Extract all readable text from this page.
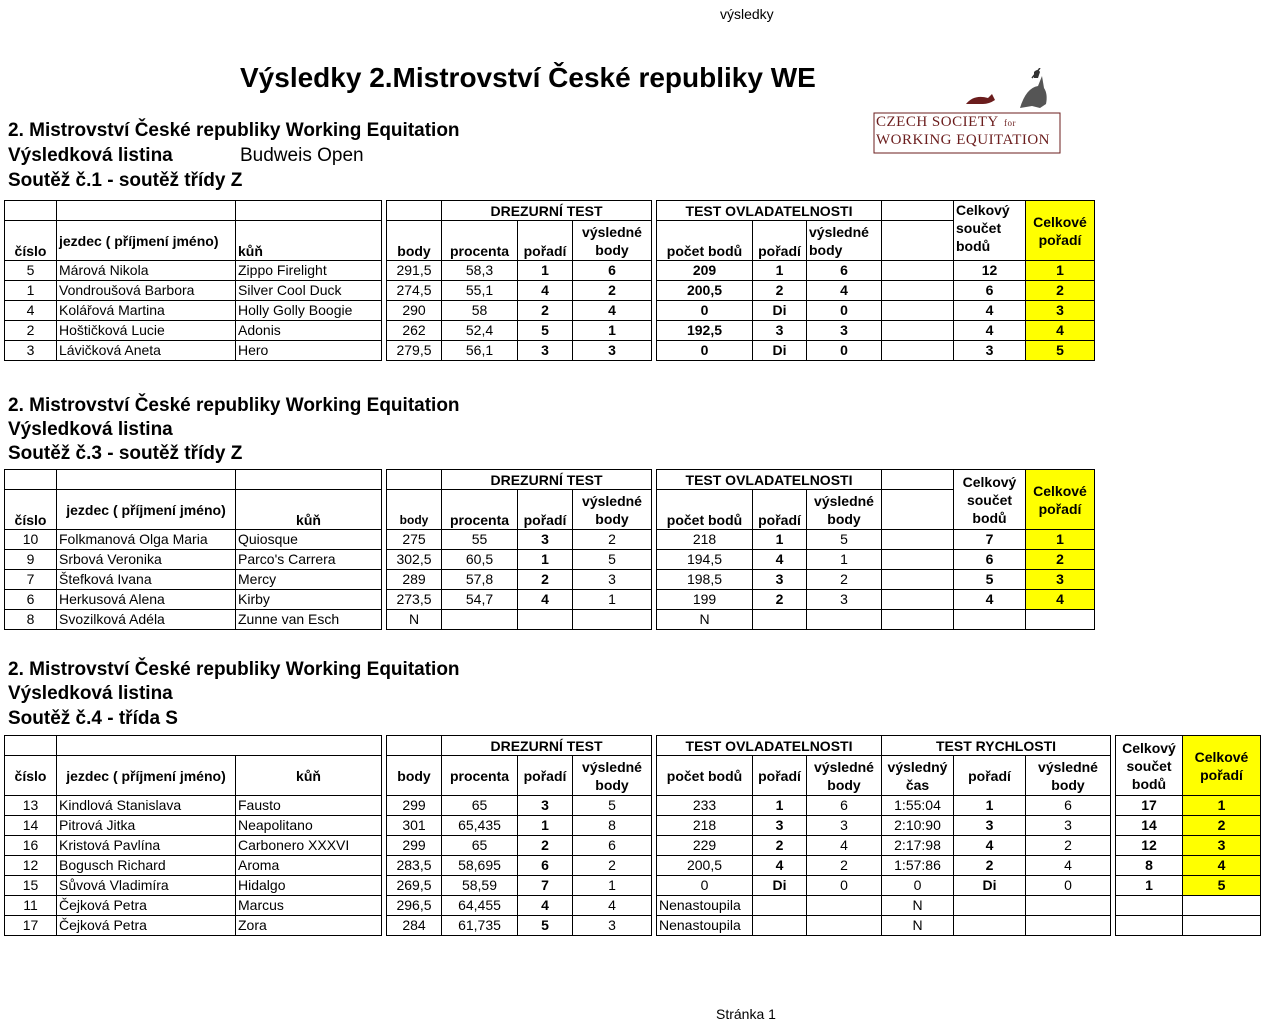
výsledky
Výsledky 2.Mistrovství České republiky WE
CZECH SOCIETY for
WORKING EQUITATION
2. Mistrovství České republiky Working Equitation
Výsledková listina	Budweis Open
Soutěž č.1 - soutěž třídy Z
					DREZURNÍ TEST				TEST OVLADATELNOSTI				Celkový součet bodů	Celkové pořadí
číslo	jezdec ( příjmení jméno)	kůň		body	procenta	pořadí	výsledné body		počet bodů	pořadí	výsledné body			
5	Márová Nikola	Zippo Firelight		291,5	58,3	1	6		209	1	6		12	1
1	Vondroušová Barbora	Silver Cool Duck		274,5	55,1	4	2		200,5	2	4		6	2
4	Kolářová Martina	Holly Golly Boogie		290	58	2	4		0	Di	0		4	3
2	Hoštičková Lucie	Adonis		262	52,4	5	1		192,5	3	3		4	4
3	Lávičková Aneta	Hero		279,5	56,1	3	3		0	Di	0		3	5
2. Mistrovství České republiky Working Equitation
Výsledková listina
Soutěž č.3 - soutěž třídy Z
					DREZURNÍ TEST				TEST OVLADATELNOSTI				Celkový součet bodů	Celkové pořadí
číslo	jezdec ( příjmení jméno)	kůň		body	procenta	pořadí	výsledné body		počet bodů	pořadí	výsledné body			
10	Folkmanová Olga Maria	Quiosque		275	55	3	2		218	1	5		7	1
9	Srbová Veronika	Parco's Carrera		302,5	60,5	1	5		194,5	4	1		6	2
7	Štefková Ivana	Mercy		289	57,8	2	3		198,5	3	2		5	3
6	Herkusová Alena	Kirby		273,5	54,7	4	1		199	2	3		4	4
8	Svozilková Adéla	Zunne van Esch		N					N					
2. Mistrovství České republiky Working Equitation
Výsledková listina
Soutěž č.4 - třída S
					DREZURNÍ TEST				TEST OVLADATELNOSTI			TEST RYCHLOSTI				Celkový součet bodů	Celkové pořadí
číslo	jezdec ( příjmení jméno)	kůň		body	procenta	pořadí	výsledné body		počet bodů	pořadí	výsledné body	výsledný čas	pořadí	výsledné body			
13	Kindlová Stanislava	Fausto		299	65	3	5		233	1	6	1:55:04	1	6		17	1
14	Pitrová Jitka	Neapolitano		301	65,435	1	8		218	3	3	2:10:90	3	3		14	2
16	Kristová Pavlína	Carbonero XXXVI		299	65	2	6		229	2	4	2:17:98	4	2		12	3
12	Bogusch Richard	Aroma		283,5	58,695	6	2		200,5	4	2	1:57:86	2	4		8	4
15	Sůvová Vladimíra	Hidalgo		269,5	58,59	7	1		0	Di	0	0	Di	0		1	5
11	Čejková Petra	Marcus		296,5	64,455	4	4		Nenastoupila			N					
17	Čejková Petra	Zora		284	61,735	5	3		Nenastoupila			N					
Stránka 1
